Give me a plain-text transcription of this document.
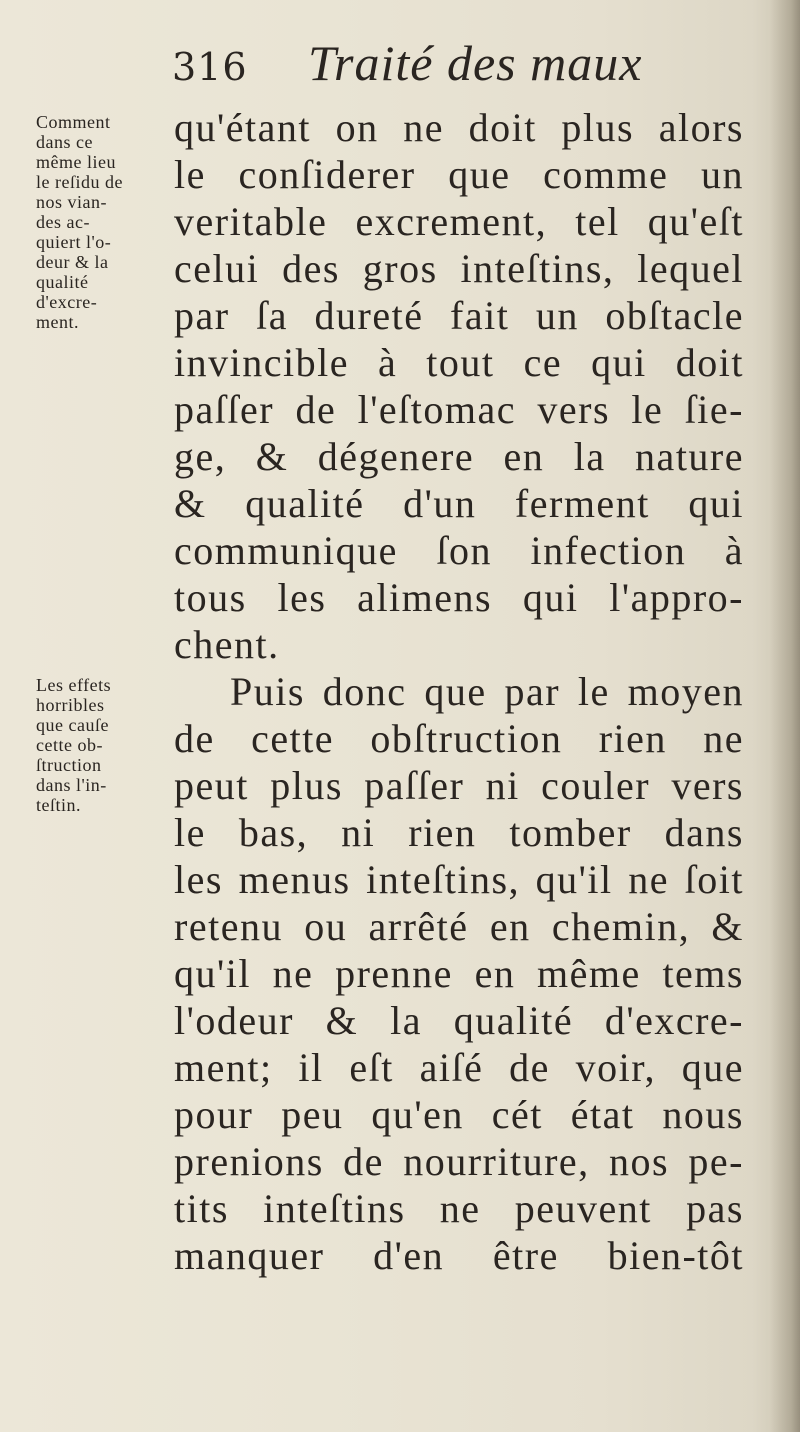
316 Traité des maux
Comment
dans ce
même lieu
le reſidu de
nos vian-
des ac-
quiert l'o-
deur & la
qualité
d'excre-
ment.
Les effets
horribles
que cauſe
cette ob-
ſtruction
dans l'in-
teſtin.
qu'étant on ne doit plus alors
le conſiderer que comme un
veritable excrement, tel qu'eſt
celui des gros inteſtins, lequel
par ſa dureté fait un obſtacle
invincible à tout ce qui doit
paſſer de l'eſtomac vers le ſie-
ge, & dégenere en la nature
& qualité d'un ferment qui
communique ſon infection à
tous les alimens qui l'appro-
chent.
Puis donc que par le moyen
de cette obſtruction rien ne
peut plus paſſer ni couler vers
le bas, ni rien tomber dans
les menus inteſtins, qu'il ne ſoit
retenu ou arrêté en chemin, &
qu'il ne prenne en même tems
l'odeur & la qualité d'excre-
ment; il eſt aiſé de voir, que
pour peu qu'en cét état nous
prenions de nourriture, nos pe-
tits inteſtins ne peuvent pas
manquer d'en être bien-tôt
